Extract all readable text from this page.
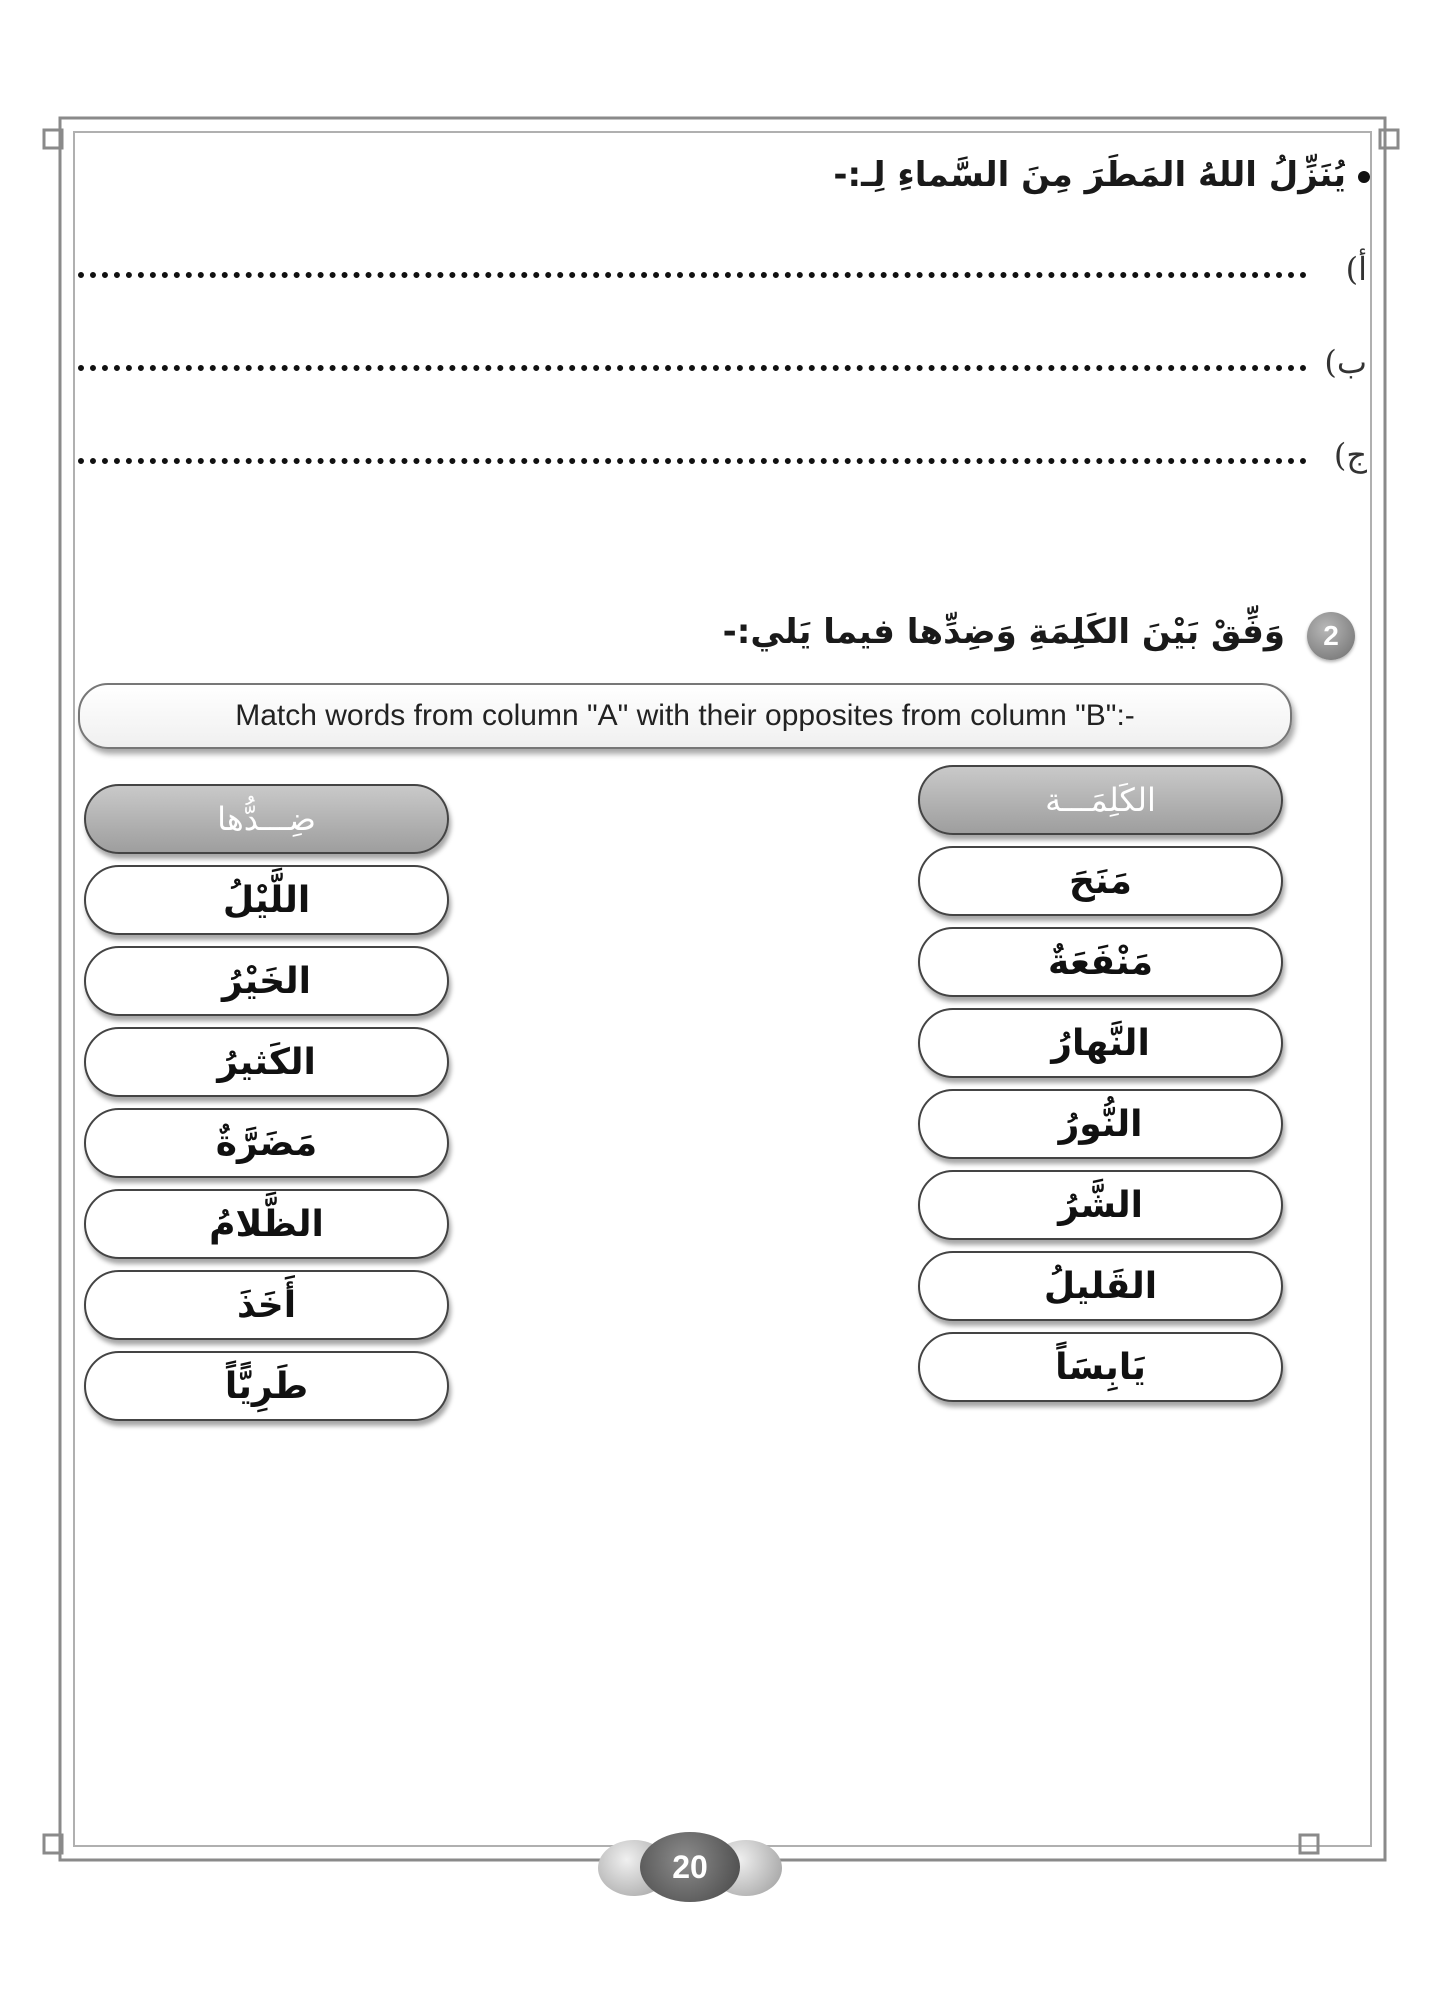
يُنَزِّلُ اللهُ المَطَرَ مِنَ السَّماءِ لِـ:-
أ)
ب)
ج)
2
وَفِّقْ بَيْنَ الكَلِمَةِ وَضِدِّها فيما يَلي:-
Match words from column "A" with their opposites from column "B":-
الكَلِمَـــة
مَنَحَ
مَنْفَعَةٌ
النَّهارُ
النُّورُ
الشَّرُ
القَليلُ
يَابِسَاً
ضِـــدُّها
اللَّيْلُ
الخَيْرُ
الكَثيرُ
مَضَرَّةٌ
الظَّلامُ
أَخَذَ
طَرِيًّاً
20
